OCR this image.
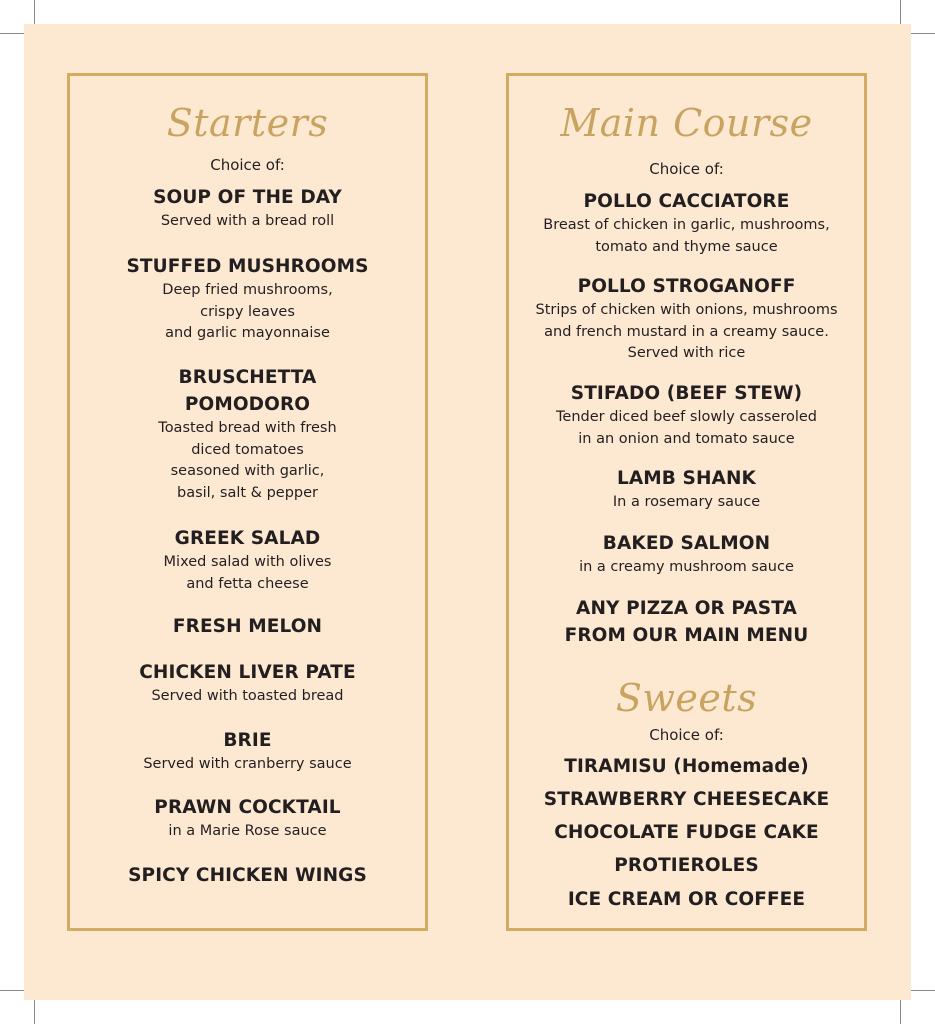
Starters
Choice of:
SOUP OF THE DAY
Served with a bread roll
STUFFED MUSHROOMS
Deep fried mushrooms,
crispy leaves
and garlic mayonnaise
BRUSCHETTA
POMODORO
Toasted bread with fresh
diced tomatoes
seasoned with garlic,
basil, salt & pepper
GREEK SALAD
Mixed salad with olives
and fetta cheese
FRESH MELON
CHICKEN LIVER PATE
Served with toasted bread
BRIE
Served with cranberry sauce
PRAWN COCKTAIL
in a Marie Rose sauce
SPICY CHICKEN WINGS
Main Course
Choice of:
POLLO CACCIATORE
Breast of chicken in garlic, mushrooms,
tomato and thyme sauce
POLLO STROGANOFF
Strips of chicken with onions, mushrooms
and french mustard in a creamy sauce.
Served with rice
STIFADO (BEEF STEW)
Tender diced beef slowly casseroled
in an onion and tomato sauce
LAMB SHANK
In a rosemary sauce
BAKED SALMON
in a creamy mushroom sauce
ANY PIZZA OR PASTA
FROM OUR MAIN MENU
Sweets
Choice of:
TIRAMISU (Homemade)
STRAWBERRY CHEESECAKE
CHOCOLATE FUDGE CAKE
PROTIEROLES
ICE CREAM OR COFFEE
